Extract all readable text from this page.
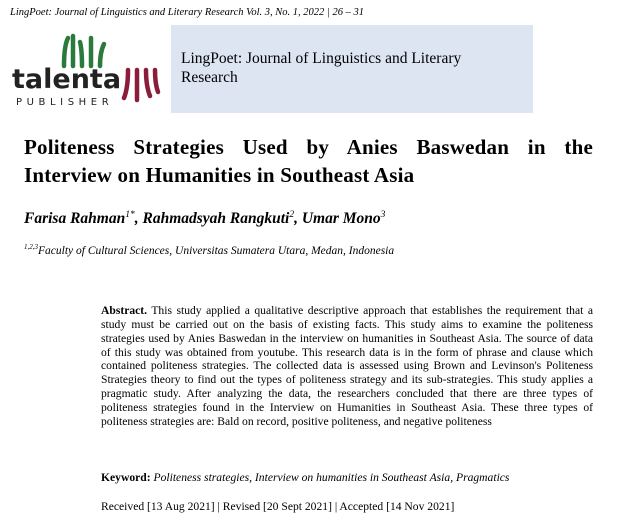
LingPoet: Journal of Linguistics and Literary Research Vol. 3, No. 1, 2022 | 26 – 31
talenta
PUBLISHER
LingPoet: Journal of Linguistics and Literary Research
Politeness Strategies Used by Anies Baswedan in the Interview on Humanities in Southeast Asia
Farisa Rahman$^{1*}$, Rahmadsyah Rangkuti$^2$, Umar Mono$^3$
$^{1,2,3}$Faculty of Cultural Sciences, Universitas Sumatera Utara, Medan, Indonesia
Abstract. This study applied a qualitative descriptive approach that establishes the requirement that a study must be carried out on the basis of existing facts. This study aims to examine the politeness strategies used by Anies Baswedan in the interview on humanities in Southeast Asia. The source of data of this study was obtained from youtube. This research data is in the form of phrase and clause which contained politeness strategies. The collected data is assessed using Brown and Levinson's Politeness Strategies theory to find out the types of politeness strategy and its sub-strategies. This study applies a pragmatic study. After analyzing the data, the researchers concluded that there are three types of politeness strategies found in the Interview on Humanities in Southeast Asia. These three types of politeness strategies are: Bald on record, positive politeness, and negative politeness
Keyword: Politeness strategies, Interview on humanities in Southeast Asia, Pragmatics
Received [13 Aug 2021] | Revised [20 Sept 2021] | Accepted [14 Nov 2021]
